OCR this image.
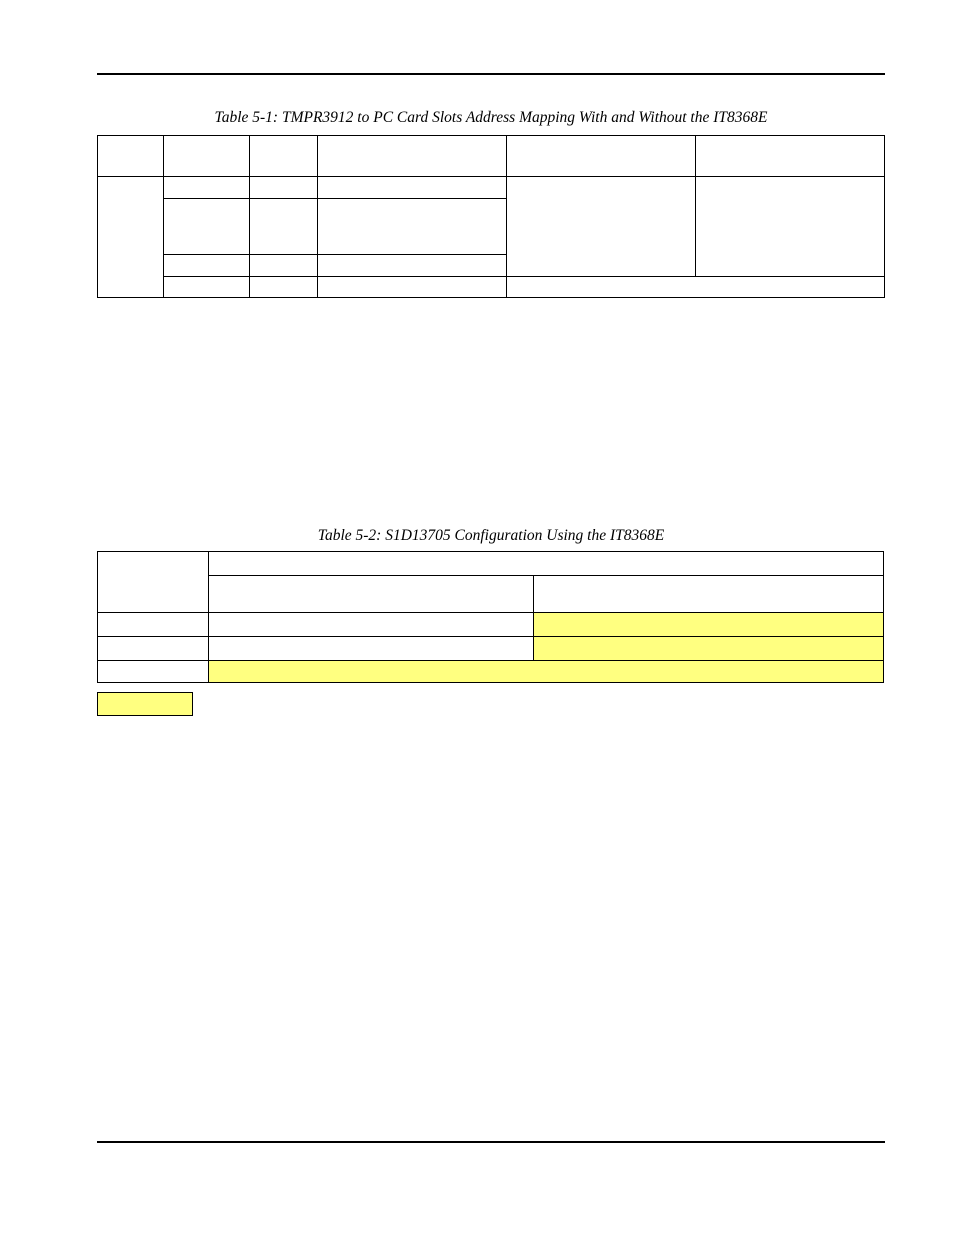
Table 5-1: TMPR3912 to PC Card Slots Address Mapping With and Without the IT8368E

Table 5-2: S1D13705 Configuration Using the IT8368E
